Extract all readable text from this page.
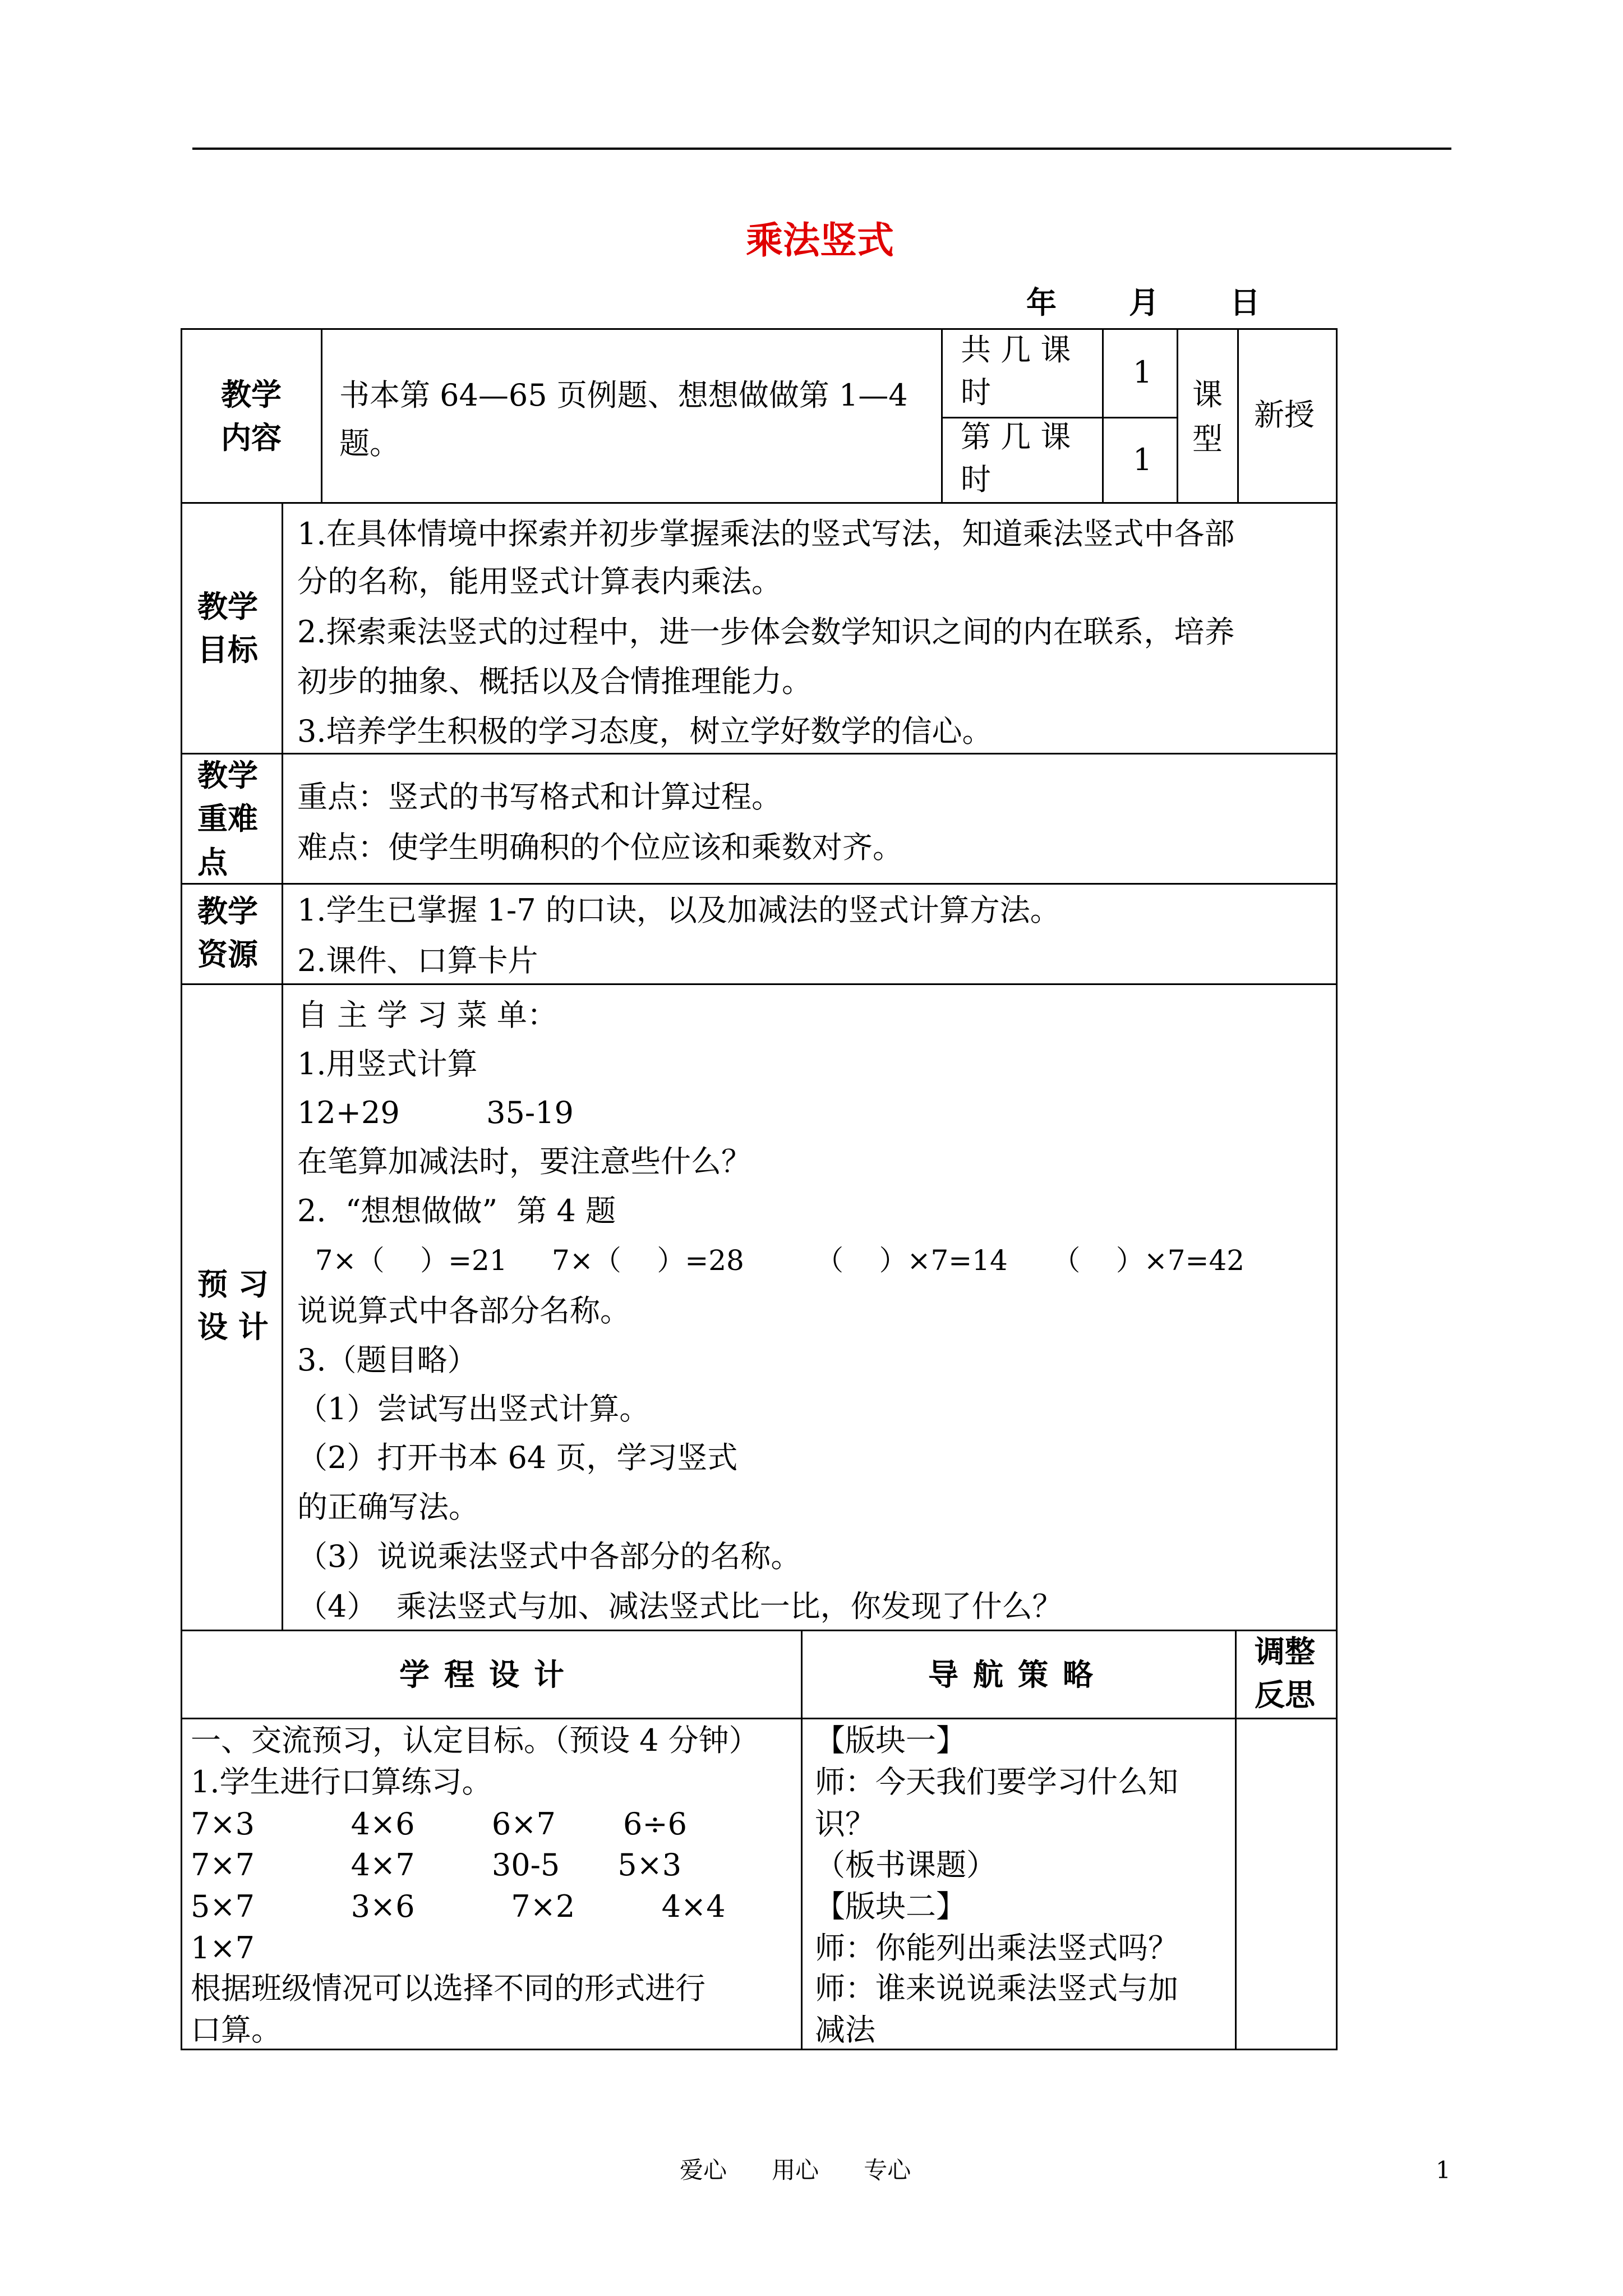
乘法竖式
年 月 日
教学
内容
书本第 64—65 页例题、想想做做第 1—4
题。
共 几 课
时
1
第 几 课
时
1
课
型
新授
教学
目标
1.在具体情境中探索并初步掌握乘法的竖式写法，知道乘法竖式中各部
分的名称，能用竖式计算表内乘法。
2.探索乘法竖式的过程中，进一步体会数学知识之间的内在联系，培养
初步的抽象、概括以及合情推理能力。
3.培养学生积极的学习态度，树立学好数学的信心。
教学
重难
点
重点：竖式的书写格式和计算过程。
难点：使学生明确积的个位应该和乘数对齐。
教学
资源
1.学生已掌握 1-7 的口诀，以及加减法的竖式计算方法。
2.课件、口算卡片
预 习
设 计
自 主 学 习 菜 单：
1.用竖式计算
12+29         35-19
在笔算加减法时，要注意些什么？
2.  “想想做做”  第 4 题
7×（    ）=21     7×（    ）=28        （    ）×7=14     （    ）×7=42
说说算式中各部分名称。
3.（题目略）
（1）尝试写出竖式计算。
（2）打开书本 64 页，学习竖式
的正确写法。
（3）说说乘法竖式中各部分的名称。
（4）  乘法竖式与加、减法竖式比一比，你发现了什么？
学程设计	导航策略
调整
反思
一、交流预习，认定目标。（预设 4 分钟）
1.学生进行口算练习。
7×3          4×6        6×7       6÷6
7×7          4×7        30-5      5×3
5×7          3×6          7×2         4×4
1×7
根据班级情况可以选择不同的形式进行
口算。
【版块一】
师：今天我们要学习什么知
识？
（板书课题）
【版块二】
师：你能列出乘法竖式吗？
师：谁来说说乘法竖式与加
减法
爱心      用心      专心	1
